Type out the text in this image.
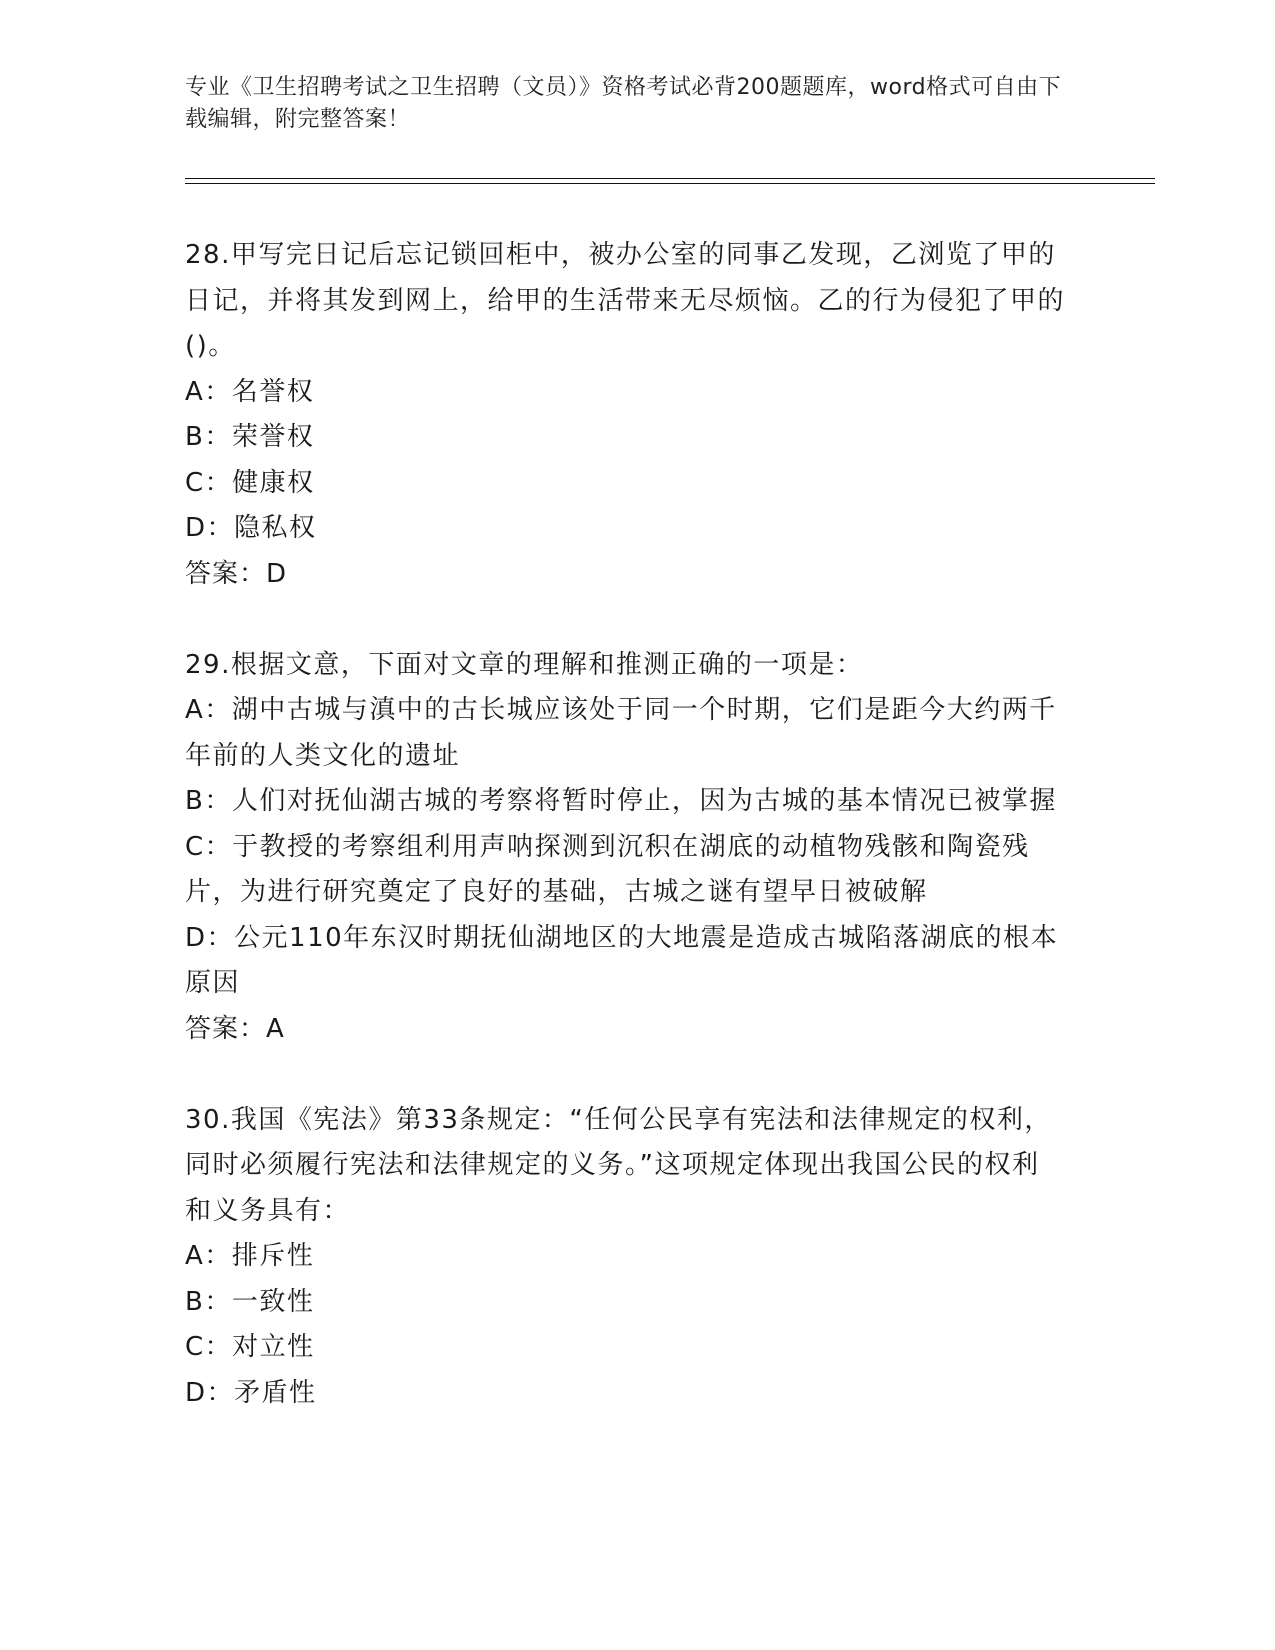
专业《卫生招聘考试之卫生招聘（文员）》资格考试必背200题题库，word格式可自由下载编辑，附完整答案！

28.甲写完日记后忘记锁回柜中，被办公室的同事乙发现，乙浏览了甲的日记，并将其发到网上，给甲的生活带来无尽烦恼。乙的行为侵犯了甲的()。

A：名誉权

B：荣誉权

C：健康权

D：隐私权

答案：D

29.根据文意，下面对文章的理解和推测正确的一项是：

A：湖中古城与滇中的古长城应该处于同一个时期，它们是距今大约两千年前的人类文化的遗址

B：人们对抚仙湖古城的考察将暂时停止，因为古城的基本情况已被掌握

C：于教授的考察组利用声呐探测到沉积在湖底的动植物残骸和陶瓷残片，为进行研究奠定了良好的基础，古城之谜有望早日被破解

D：公元110年东汉时期抚仙湖地区的大地震是造成古城陷落湖底的根本原因

答案：A

30.我国《宪法》第33条规定：“任何公民享有宪法和法律规定的权利，同时必须履行宪法和法律规定的义务。”这项规定体现出我国公民的权利和义务具有：

A：排斥性

B：一致性

C：对立性

D：矛盾性
